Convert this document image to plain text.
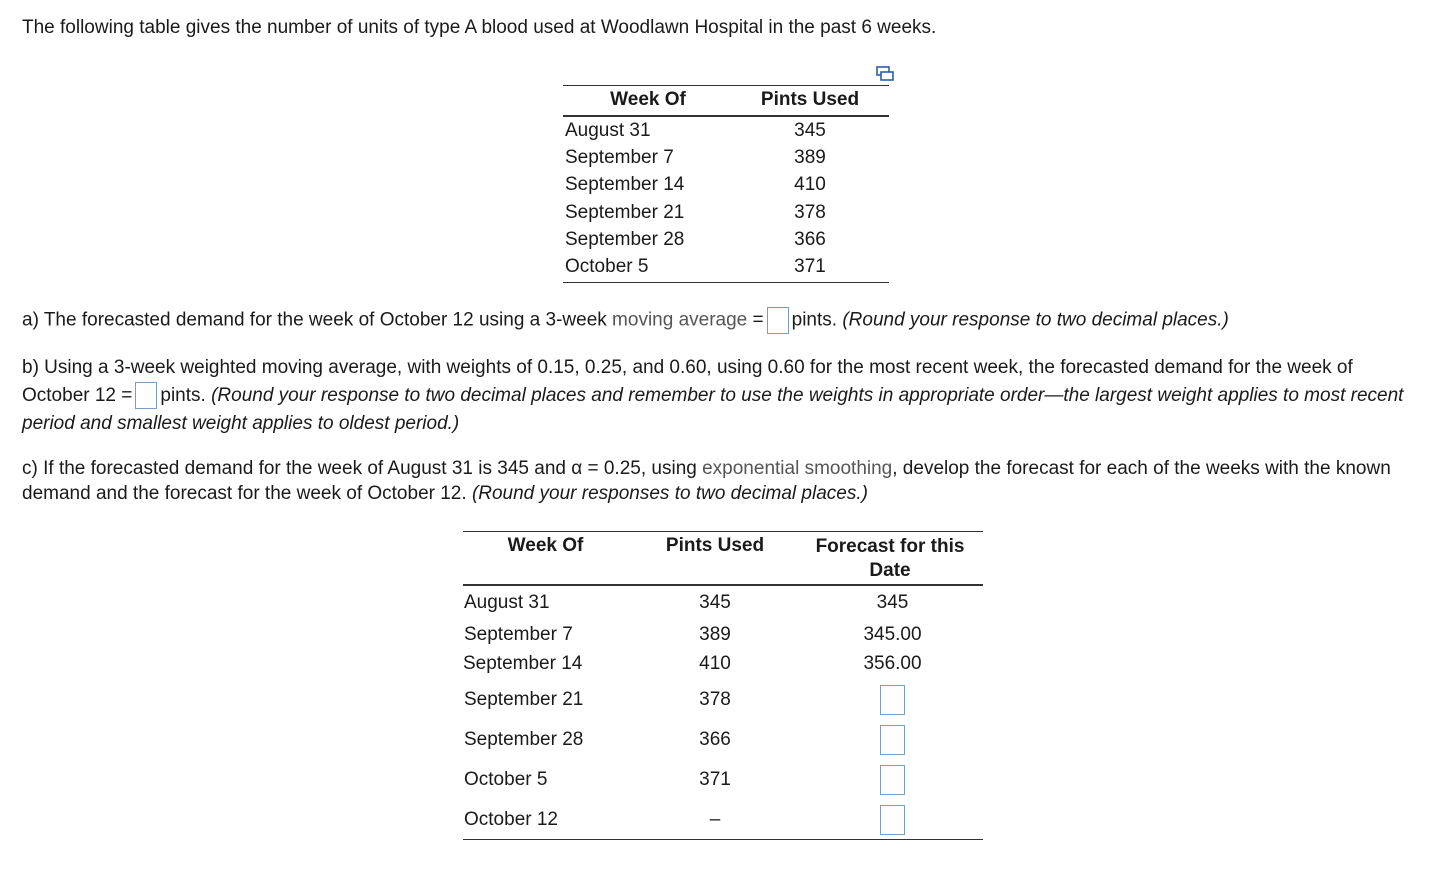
The following table gives the number of units of type A blood used at Woodlawn Hospital in the past 6 weeks.
Week Of	Pints Used
August 31	345
September 7	389
September 14	410
September 21	378
September 28	366
October 5	371
a) The forecasted demand for the week of October 12 using a 3-week moving average = pints. (Round your response to two decimal places.)
b) Using a 3-week weighted moving average, with weights of 0.15, 0.25, and 0.60, using 0.60 for the most recent week, the forecasted demand for the week of October 12 = pints. (Round your response to two decimal places and remember to use the weights in appropriate order—the largest weight applies to most recent period and smallest weight applies to oldest period.)
c) If the forecasted demand for the week of August 31 is 345 and α = 0.25, using exponential smoothing, develop the forecast for each of the weeks with the known demand and the forecast for the week of October 12. (Round your responses to two decimal places.)
Week Of	Pints Used	Forecast for this Date
August 31	345	345
September 7	389	345.00
September 14	410	356.00
September 21	378
September 28	366
October 5	371
October 12	–
